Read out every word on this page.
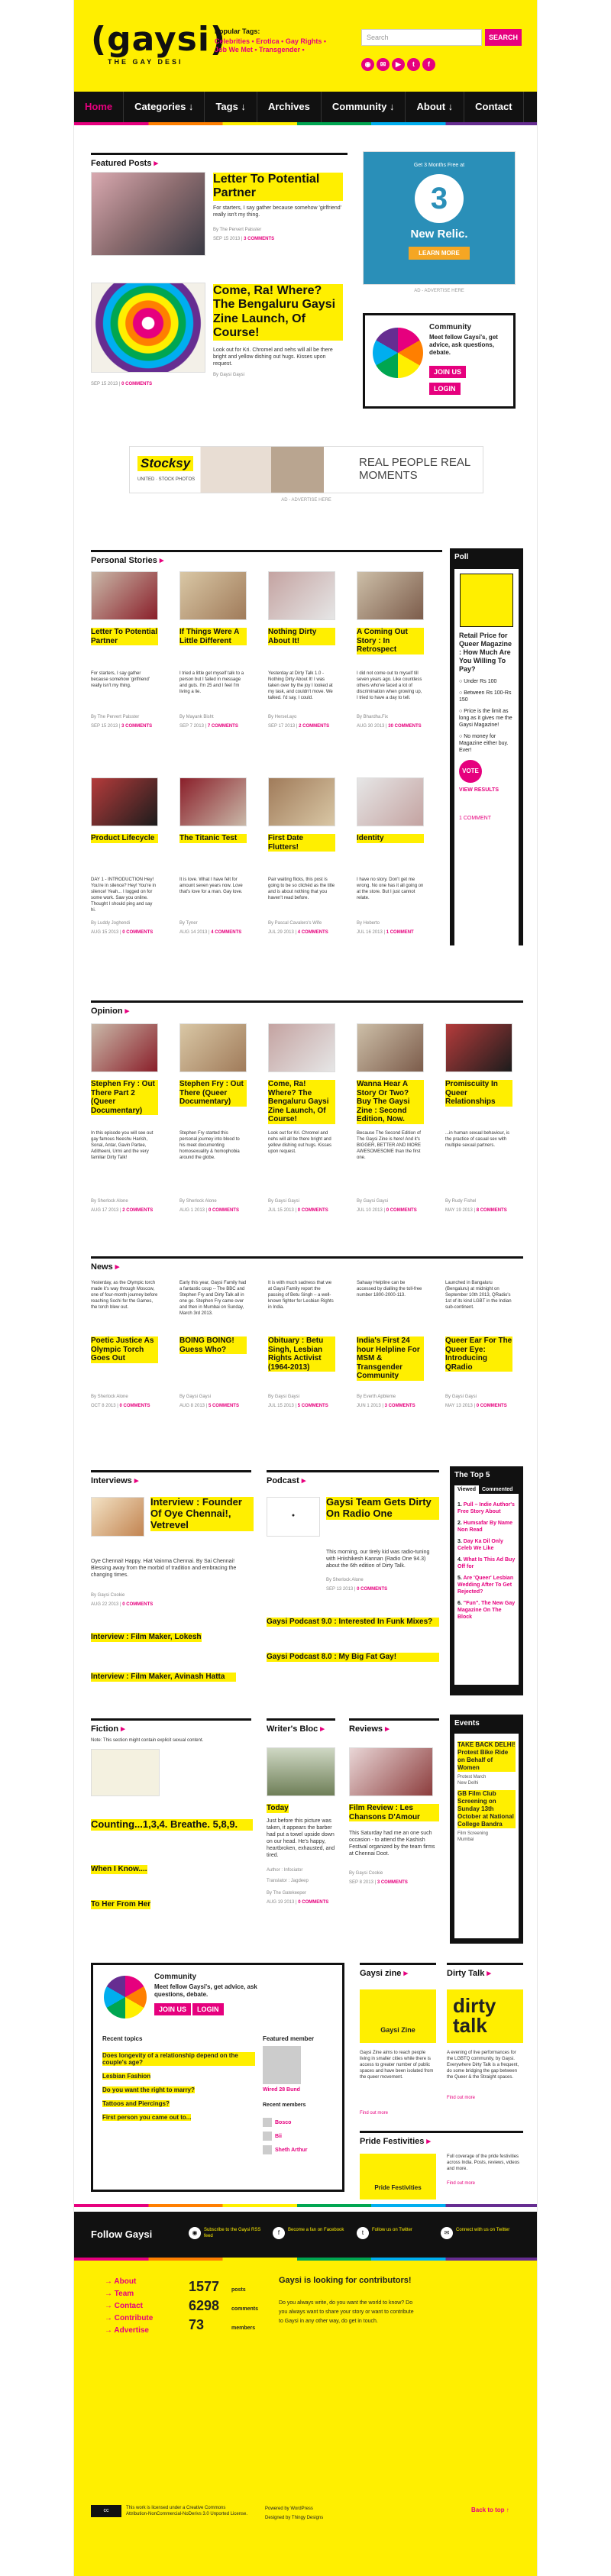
(gaysi)
THE GAY DESI
Popular Tags:
Celebrities • Erotica • Gay Rights • Job We Met • Transgender •
Search	SEARCH
◉	✉	▶	t	f
Home	Categories ↓	Tags ↓	Archives	Community ↓	About ↓	Contact
Featured Posts ▸
Letter To Potential Partner
For starters, I say gather because somehow 'girlfriend' really isn't my thing.
By The Pervert Palsster
SEP 15 2013 | 3 COMMENTS
Come, Ra! Where? The Bengaluru Gaysi Zine Launch, Of Course!
Look out for Kri. Chromel and nehs will all be there bright and yellow dishing out hugs. Kisses upon request.
By Gaysi Gaysi
SEP 15 2013 | 0 COMMENTS
Get 3 Months Free at
3
New Relic.
LEARN MORE
AD - ADVERTISE HERE
Community
Meet fellow Gaysi's, get advice, ask questions, debate.
JOIN US
LOGIN
Stocksy
UNITED · STOCK PHOTOS
REAL PEOPLE REAL MOMENTS
AD - ADVERTISE HERE
Personal Stories ▸	Poll
Retail Price for Queer Magazine : How Much Are You Willing To Pay?
○ Under Rs 100
○ Between Rs 100-Rs 150
○ Price is the limit as long as it gives me the Gaysi Magazine!
○ No money for Magazine either buy. Ever!
VOTE
VIEW RESULTS
1 COMMENT
Opinion ▸
News ▸
Interviews ▸
Interview : Founder Of Oye Chennai!, Vetrevel
Oye Chennai! Happy. Hiat Vainma Chennai. By Sai Chennai! Blessing away from the morbid of tradition and embracing the changing times.
By Gaysi Cookie
AUG 22 2013 | 0 COMMENTS
Interview : Film Maker, Lokesh
Interview : Film Maker, Avinash Hatta
Podcast ▸
●
Gaysi Team Gets Dirty On Radio One
This morning, our tirely kid was radio-tuning with Hriishikesh Kannan (Radio One 94.3) about the 6th edition of Dirty Talk.
By Sherlock Alone
SEP 13 2013 | 0 COMMENTS
Gaysi Podcast 9.0 : Interested In Funk Mixes?
Gaysi Podcast 8.0 : My Big Fat Gay!
The Top 5
Viewed	Commented
1. Pull – Indie Author's Free Story About
2. Humsafar By Name Non Read
3. Day Ka Dil Only Celeb We Like
4. What Is This Ad Buy Off for
5. Are 'Queer' Lesbian Wedding After To Get Rejected?
6. "Fun". The New Gay Magazine On The Block
Fiction ▸
Note: This section might contain explicit sexual content.
Counting...1,3,4. Breathe. 5,8,9.
When I Know....
To Her From Her
Writer's Bloc ▸
Today
Just before this picture was taken, it appears the barber had put a towel upside down on our head. He's happy, heartbroken, exhausted, and tired.
Author : Infociator
Translator : Jagdeep
By The Gatekeeper
AUG 19 2013 | 0 COMMENTS
Reviews ▸
Film Review : Les Chansons D'Amour
This Saturday had me an one such occasion - to attend the Kashish Festival organized by the team firms at Chennai Doot.
By Gaysi Cookie
SEP 8 2013 | 3 COMMENTS
Events
TAKE BACK DELHI! Protest Bike Ride on Behalf of Women
Protest March
New Delhi
GB Film Club Screening on Sunday 13th October at National College Bandra
Film Screening
Mumbai
Community
Meet fellow Gaysi's, get advice, ask questions, debate.
JOIN US	LOGIN
Recent topics
Does longevity of a relationship depend on the couple's age?
Lesbian Fashion
Do you want the right to marry?
Tattoos and Piercings?
First person you came out to...
Featured member
Wired 28 Bund
Recent members
Bosco
Bii
Sheth Arthur
Gaysi zine ▸
Gaysi Zine
Gaysi Zine aims to reach people living in smaller cities while there is access to greater number of public spaces and have been isolated from the queer movement.
Find out more
Dirty Talk ▸
dirty talk
A evening of live performances for the LGBTQ community, by Gaysi. Everywhere Dirty Talk is a frequent, do some bridging the gap between the Queer & the Straight spaces.
Find out more
Pride Festivities ▸
Pride Festivities
Full coverage of the pride festivities across India. Posts, reviews, videos and more.
Find out more
Follow Gaysi	◉	Subscribe to the Gaysi RSS feed	f	Become a fan on Facebook	t	Follow us on Twitter	✉	Connect with us on Twitter
→ About
→ Team
→ Contact
→ Contribute
→ Advertise
1577 posts
6298 comments
73	members
Gaysi is looking for contributors!
Do you always write, do you want the world to know? Do you always want to share your story or want to contribute to Gaysi in any other way, do get in touch.
cc	This work is licensed under a Creative Commons Attribution-NonCommercial-NoDerivs 3.0 Unported License.
Powered by WordPress
Designed by Thingy Designs
Back to top ↑
Letter To Potential Partner
For starters, I say gather because somehow 'girlfriend' really isn't my thing.
By The Pervert Palsster
SEP 15 2013 | 3 COMMENTS
If Things Were A Little Different
I tried a little get myself talk to a person but I failed in message and guts. I'm 25 and I feel I'm living a lie.
By Mayank Bisht
SEP 7 2013 | 7 COMMENTS
Nothing Dirty About It!
Yesterday at Dirty Talk 1.0 - Nothing Dirty About It! I was taken over by the joy I looked at my task, and couldn't move. We talked. I'd say, I could.
By Hersel.ayo
SEP 17 2013 | 2 COMMENTS
A Coming Out Story : In Retrospect
I did not come out to myself till seven years ago. Like countless others who've faced a lot of discrimination when growing up, I tried to have a day to tell.
By Bhardha.Fix
AUG 30 2013 | 30 COMMENTS
Product Lifecycle
DAY 1 - INTRODUCTION Hey! You're in silence? Hey! You're in silence! Yeah... I logged on for some work. Saw you online. Thought I should ping and say hi.
By Luddy Joghendi
AUG 15 2013 | 0 COMMENTS
The Titanic Test
It is love. What I have felt for amount seven years now. Love that's love for a man. Gay love.
By Tyner
AUG 14 2013 | 4 COMMENTS
First Date Flutters!
Pair waiting flicks, this post is going to be so clichéd as the title and is about nothing that you haven't read before.
By Pascal Cavalero's Wife
JUL 29 2013 | 4 COMMENTS
Identity
I have no story. Don't get me wrong. No one has it all going on at the store. But I just cannot relate.
By Heberto
JUL 16 2013 | 1 COMMENT
Stephen Fry : Out There Part 2 (Queer Documentary)
In this episode you will see out gay famous Neeshu Harish, Sonal, Antar, Gavin Partee, Aditheeni, Urmi and the very familiar Dirty Talk!
By Sherlock Alone
AUG 17 2013 | 2 COMMENTS
Stephen Fry : Out There (Queer Documentary)
Stephen Fry started this personal journey into blood to his meet documenting homosexuality & homophobia around the globe.
By Sherlock Alone
AUG 1 2013 | 0 COMMENTS
Come, Ra! Where? The Bengaluru Gaysi Zine Launch, Of Course!
Look out for Kri. Chromel and nehs will all be there bright and yellow dishing out hugs. Kisses upon request.
By Gaysi Gaysi
JUL 15 2013 | 0 COMMENTS
Wanna Hear A Story Or Two? Buy The Gaysi Zine : Second Edition, Now.
Because The Second Edition of The Gaysi Zine is here! And it's BIGGER, BETTER AND MORE AWESOMESOME than the first one.
By Gaysi Gaysi
JUL 10 2013 | 0 COMMENTS
Promiscuity In Queer Relationships
...in human sexual behaviour, is the practice of casual sex with multiple sexual partners.
By Rudy Fishel
MAY 19 2013 | 8 COMMENTS
Poetic Justice As Olympic Torch Goes Out
Yesterday, as the Olympic torch made it's way through Moscow, one of four-month journey before reaching Sochi for the Games, the torch blew out.
By Sherlock Alone
OCT 8 2013 | 0 COMMENTS
BOING BOING! Guess Who?
Early this year, Gaysi Family had a fantastic coup -- The BBC and Stephen Fry and Dirty Talk all in one go. Stephen Fry came over and then in Mumbai on Sunday, March 3rd 2013.
By Gaysi Gaysi
AUG 8 2013 | 5 COMMENTS
Obituary : Betu Singh, Lesbian Rights Activist (1964-2013)
It is with much sadness that we at Gaysi Family report the passing of Betu Singh – a well-known fighter for Lesbian Rights in India.
By Gaysi Gaysi
JUL 15 2013 | 5 COMMENTS
India's First 24 hour Helpline For MSM & Transgender Community
Sahaay Helpline can be accessed by dialling the toll-free number 1800-2000-113.
By Everth Apbleme
JUN 1 2013 | 3 COMMENTS
Queer Ear For The Queer Eye: Introducing QRadio
Launched in Bangaluru (Bengaluru) at midnight on September 10th 2013, QRadio's 1st of its kind LGBT in the Indian sub-continent.
By Gaysi Gaysi
MAY 13 2013 | 0 COMMENTS
